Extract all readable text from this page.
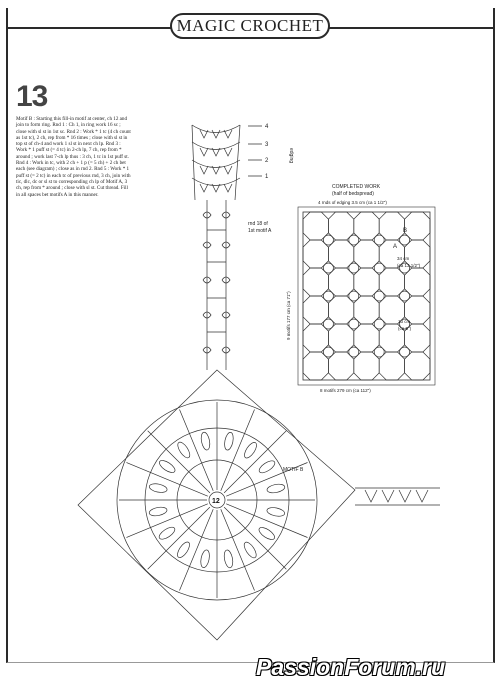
MAGIC CROCHET
13
Motif B : Starting this fill-in motif at center, ch 12 and join to form ring. Rnd 1 : Ch 1, in ring work 16 sc ; close with sl st in 1st sc. Rnd 2 : Work * 1 tc (4 ch count as 1st tc), 2 ch, rep from * 16 times ; close with sl st in top st of ch-4 and work 1 sl st in next ch lp. Rnd 3 : Work * 1 puff st (= 4 tc) in 2-ch lp, 7 ch, rep from * around ; work last 7-ch lp thus : 3 ch, 1 tc in 1st puff st. Rnd 4 : Work in tc, with 2 ch + 1 p (= 5 ch) + 2 ch bet each (see diagram) ; close as in rnd 2. Rnd 5 : Work * 1 puff st (= 2 tc) in each tc of previous rnd, 3 ch, join with tic, dlc, dc or sl st to corresponding ch lp of Motif A, 3 ch, rep from * around ; close with sl st. Cut thread. Fill in all spaces bet motifs A in this manner.
edging
4
3
2
1
rnd 18 of
1st motif A
MOTIF B
12
COMPLETED WORK
(half of bedspread)
4 rnds of edging 3.5 cm (ca 1 1/2")
9 motifs 177 cm (ca 71")
8 motifs 279 cm (ca 112")
34 cm
(ca 13 1/2")
13 cm
(ca 5")
A
B
PassionForum.ru
